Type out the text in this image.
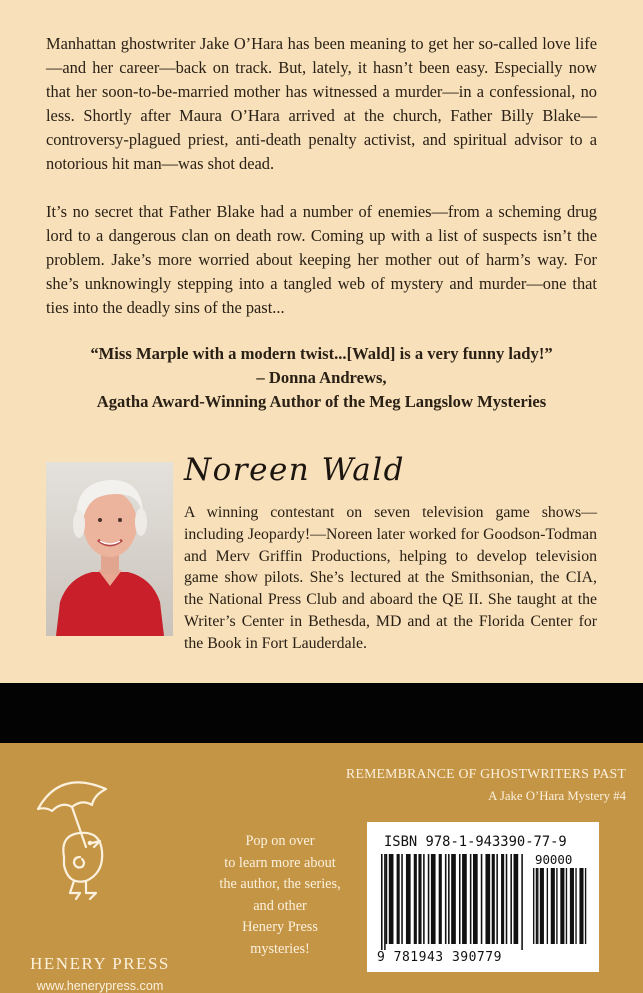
Manhattan ghostwriter Jake O’Hara has been meaning to get her so-called love life—and her career—back on track. But, lately, it hasn’t been easy. Especially now that her soon-to-be-married mother has witnessed a murder—in a confessional, no less. Shortly after Maura O’Hara arrived at the church, Father Billy Blake—controversy-plagued priest, anti-death penalty activist, and spiritual advisor to a notorious hit man—was shot dead.

It’s no secret that Father Blake had a number of enemies—from a scheming drug lord to a dangerous clan on death row. Coming up with a list of suspects isn’t the problem. Jake’s more worried about keeping her mother out of harm’s way. For she’s unknowingly stepping into a tangled web of mystery and murder—one that ties into the deadly sins of the past...

“Miss Marple with a modern twist...[Wald] is a very funny lady!”
– Donna Andrews,
Agatha Award-Winning Author of the Meg Langslow Mysteries
Noreen Wald

A winning contestant on seven television game shows—including Jeopardy!—Noreen later worked for Goodson-Todman and Merv Griffin Productions, helping to develop television game show pilots. She’s lectured at the Smithsonian, the CIA, the National Press Club and aboard the QE II. She taught at the Writer’s Center in Bethesda, MD and at the Florida Center for the Book in Fort Lauderdale.

HENERY PRESS
www.henerypress.com
Pop on over
to learn more about
the author, the series,
and other
Henery Press
mysteries!
REMEMBRANCE OF GHOSTWRITERS PAST
A Jake O’Hara Mystery #4
ISBN 978-1-943390-77-9
90000
9 781943 390779
